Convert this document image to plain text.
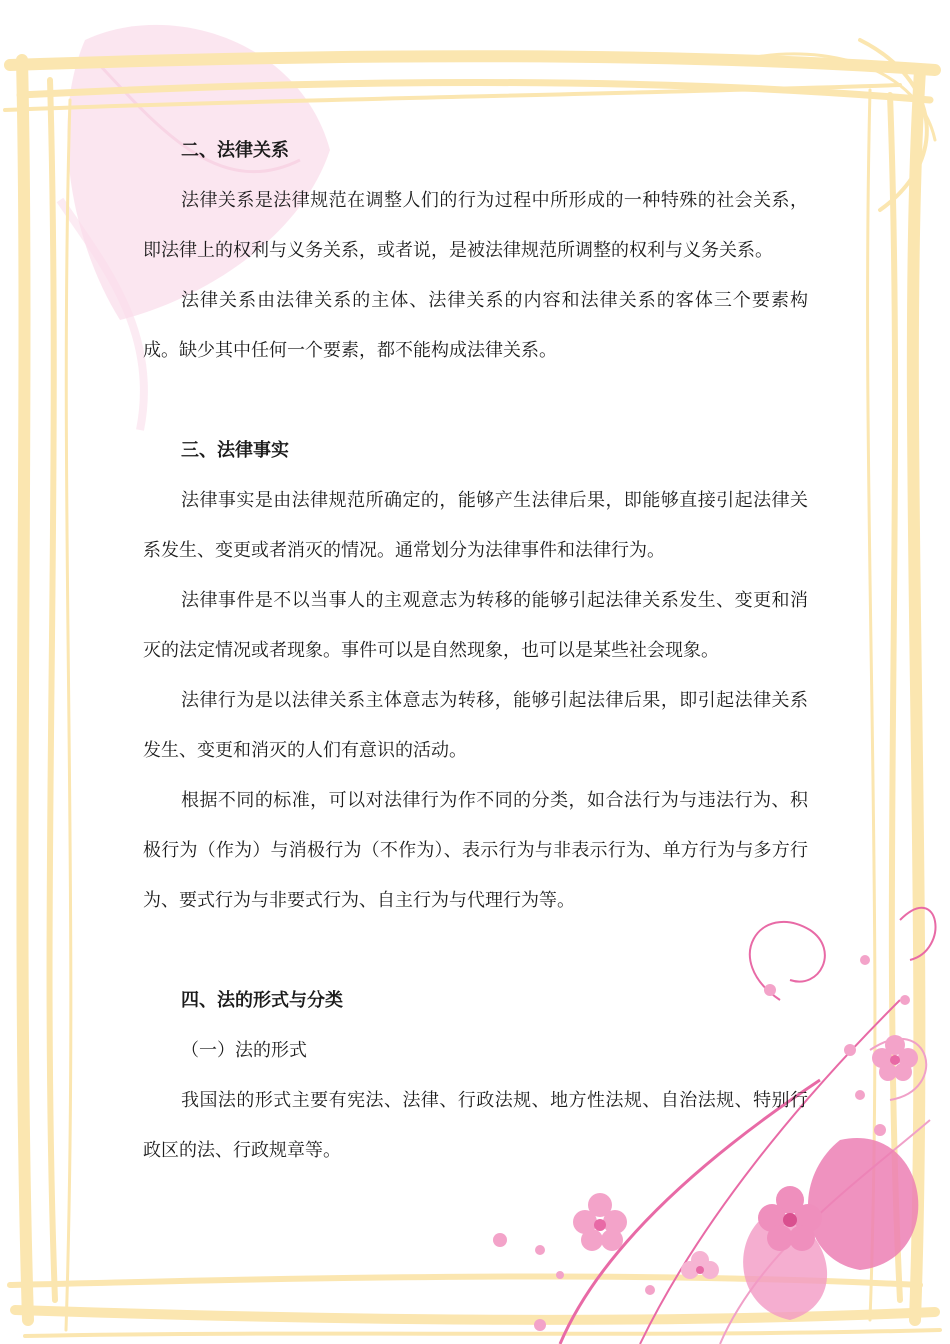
二、法律关系

法律关系是法律规范在调整人们的行为过程中所形成的一种特殊的社会关系，即法律上的权利与义务关系，或者说，是被法律规范所调整的权利与义务关系。

法律关系由法律关系的主体、法律关系的内容和法律关系的客体三个要素构成。缺少其中任何一个要素，都不能构成法律关系。

三、法律事实

法律事实是由法律规范所确定的，能够产生法律后果，即能够直接引起法律关系发生、变更或者消灭的情况。通常划分为法律事件和法律行为。

法律事件是不以当事人的主观意志为转移的能够引起法律关系发生、变更和消灭的法定情况或者现象。事件可以是自然现象，也可以是某些社会现象。

法律行为是以法律关系主体意志为转移，能够引起法律后果，即引起法律关系发生、变更和消灭的人们有意识的活动。

根据不同的标准，可以对法律行为作不同的分类，如合法行为与违法行为、积极行为（作为）与消极行为（不作为）、表示行为与非表示行为、单方行为与多方行为、要式行为与非要式行为、自主行为与代理行为等。

四、法的形式与分类

（一）法的形式

我国法的形式主要有宪法、法律、行政法规、地方性法规、自治法规、特别行政区的法、行政规章等。
